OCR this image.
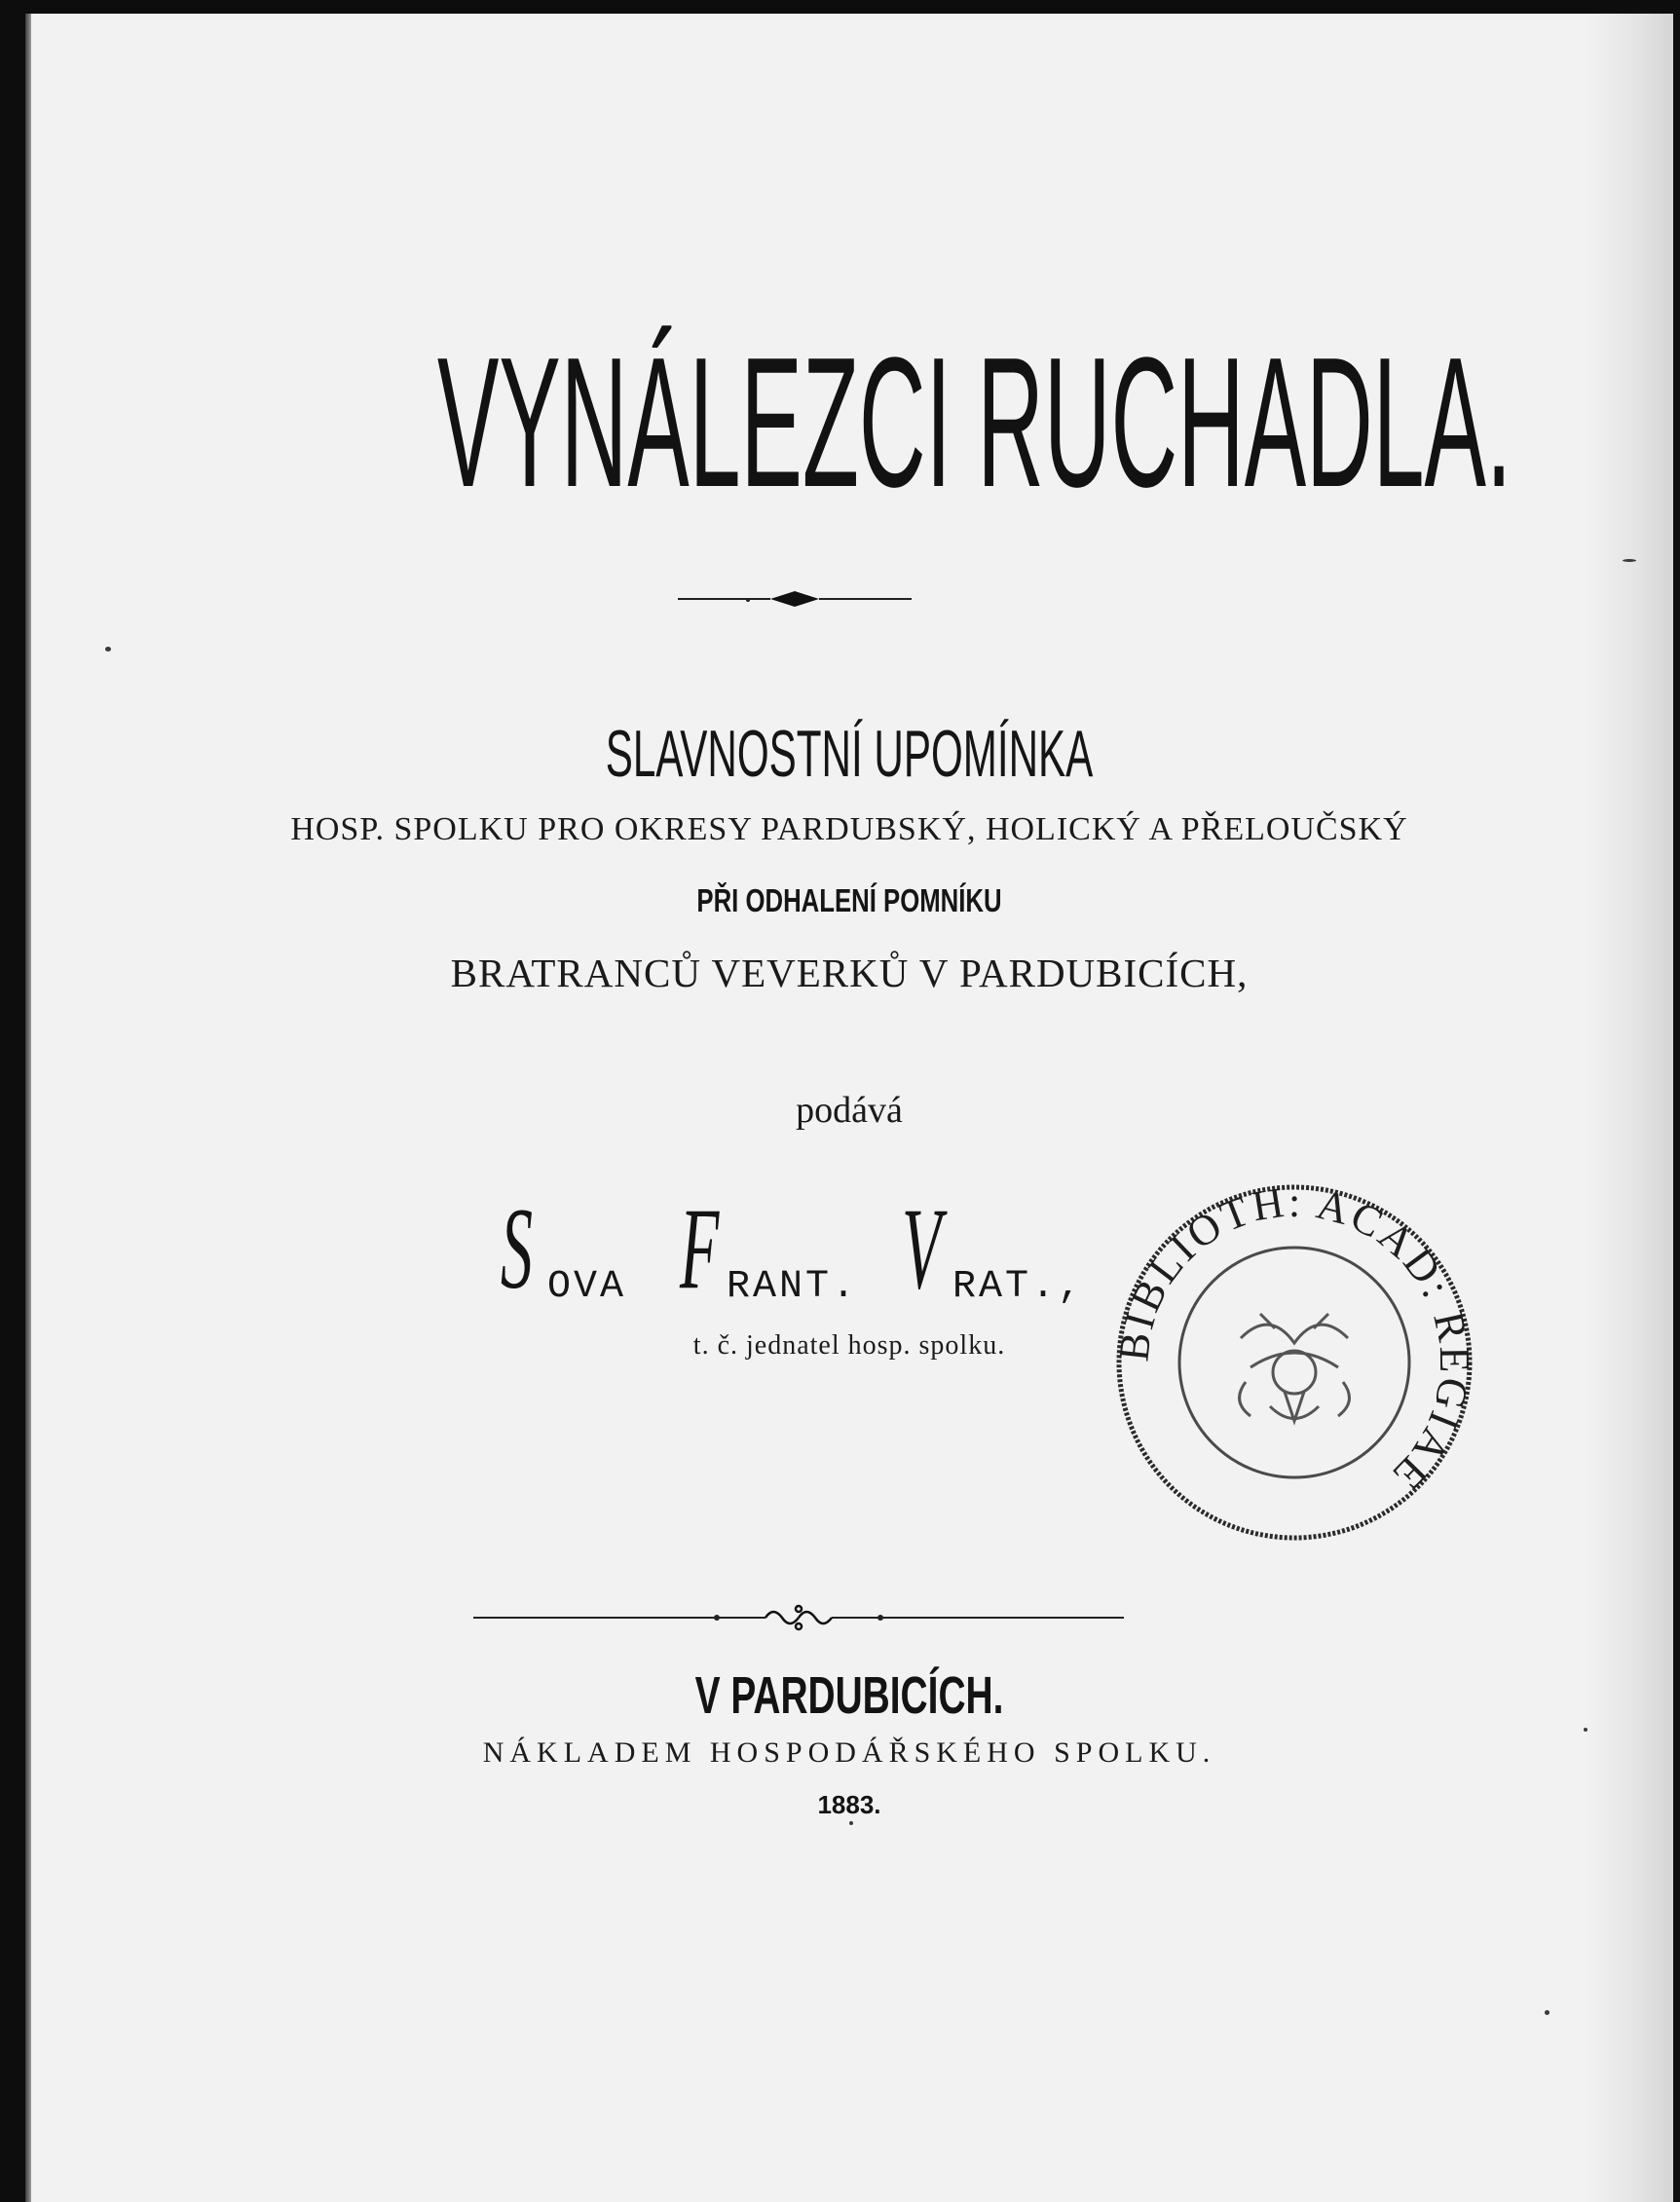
VYNÁLEZCI RUCHADLA.
SLAVNOSTNÍ UPOMÍNKA
HOSP. SPOLKU PRO OKRESY PARDUBSKÝ, HOLICKÝ A PŘELOUČSKÝ
PŘI ODHALENÍ POMNÍKU
BRATRANCŮ VEVERKŮ V PARDUBICÍCH,
podává
S OVA F RANT. V RAT.,
t. č. jednatel hosp. spolku.	BIBLIOTH: ACAD: REGIAE
V PARDUBICÍCH.
NÁKLADEM HOSPODÁŘSKÉHO SPOLKU.
1883.
